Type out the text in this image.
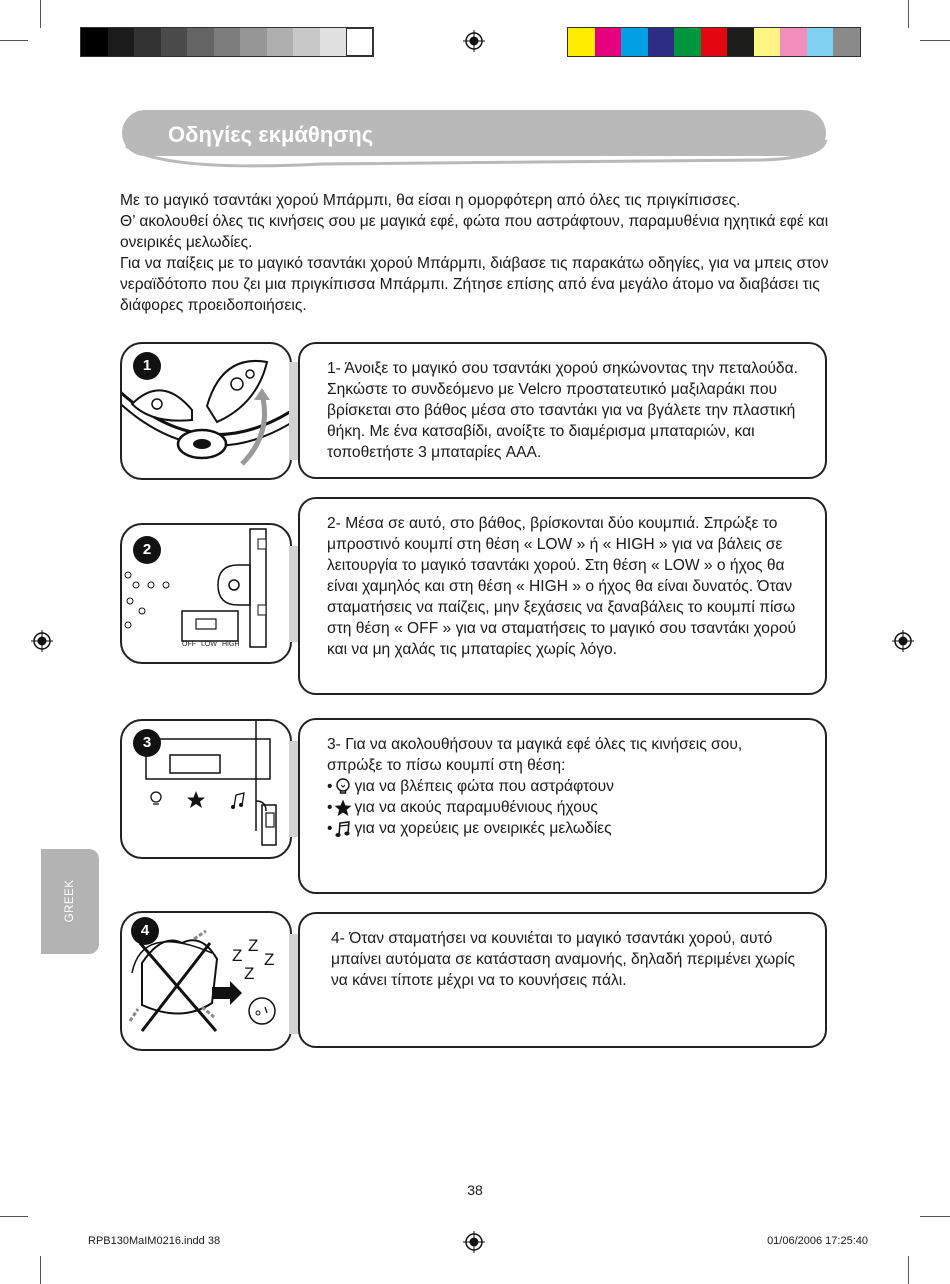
Οδηγίες εκμάθησης

Με το μαγικό τσαντάκι χορού Μπάρμπι, θα είσαι η ομορφότερη από όλες τις πριγκίπισσες.

Θ’ ακολουθεί όλες τις κινήσεις σου με μαγικά εφέ, φώτα που αστράφτουν, παραμυθένια ηχητικά εφέ και ονειρικές μελωδίες.

Για να παίξεις με το μαγικό τσαντάκι χορού Μπάρμπι, διάβασε τις παρακάτω οδηγίες, για να μπεις στον νεραϊδότοπο που ζει μια πριγκίπισσα Μπάρμπι. Ζήτησε επίσης από ένα μεγάλο άτομο να διαβάσει τις διάφορες προειδοποιήσεις.

1	1- Άνοιξε το μαγικό σου τσαντάκι χορού σηκώνοντας την πεταλούδα. Σηκώστε το συνδεόμενο με Velcro προστατευτικό μαξιλαράκι που βρίσκεται στο βάθος μέσα στο τσαντάκι για να βγάλετε την πλαστική θήκη. Με ένα κατσαβίδι, ανοίξτε το διαμέρισμα μπαταριών, και τοποθετήστε 3 μπαταρίες AAA.

OFF LOW HIGH
2

2- Μέσα σε αυτό, στο βάθος, βρίσκονται δύο κουμπιά. Σπρώξε το μπροστινό κουμπί στη θέση « LOW » ή « HIGH » για να βάλεις σε λειτουργία το μαγικό τσαντάκι χορού. Στη θέση « LOW » ο ήχος θα είναι χαμηλός και στη θέση « HIGH » ο ήχος θα είναι δυνατός. Όταν σταματήσεις να παίζεις, μην ξεχάσεις να ξαναβάλεις το κουμπί πίσω στη θέση « OFF » για να σταματήσεις το μαγικό σου τσαντάκι χορού και να μη χαλάς τις μπαταρίες χωρίς λόγο.

3	3- Για να ακολουθήσουν τα μαγικά εφέ όλες τις κινήσεις σου, σπρώξε το πίσω κουμπί στη θέση:

• για να βλέπεις φώτα που αστράφτουν
• για να ακούς παραμυθένιους ήχους
• για να χορεύεις με ονειρικές μελωδίες
GREEK
Z
Z
Z
Z
4	4- Όταν σταματήσει να κουνιέται το μαγικό τσαντάκι χορού, αυτό μπαίνει αυτόματα σε κατάσταση αναμονής, δηλαδή περιμένει χωρίς να κάνει τίποτε μέχρι να το κουνήσεις πάλι.

38
RPB130MaIM0216.indd 38	01/06/2006 17:25:40
